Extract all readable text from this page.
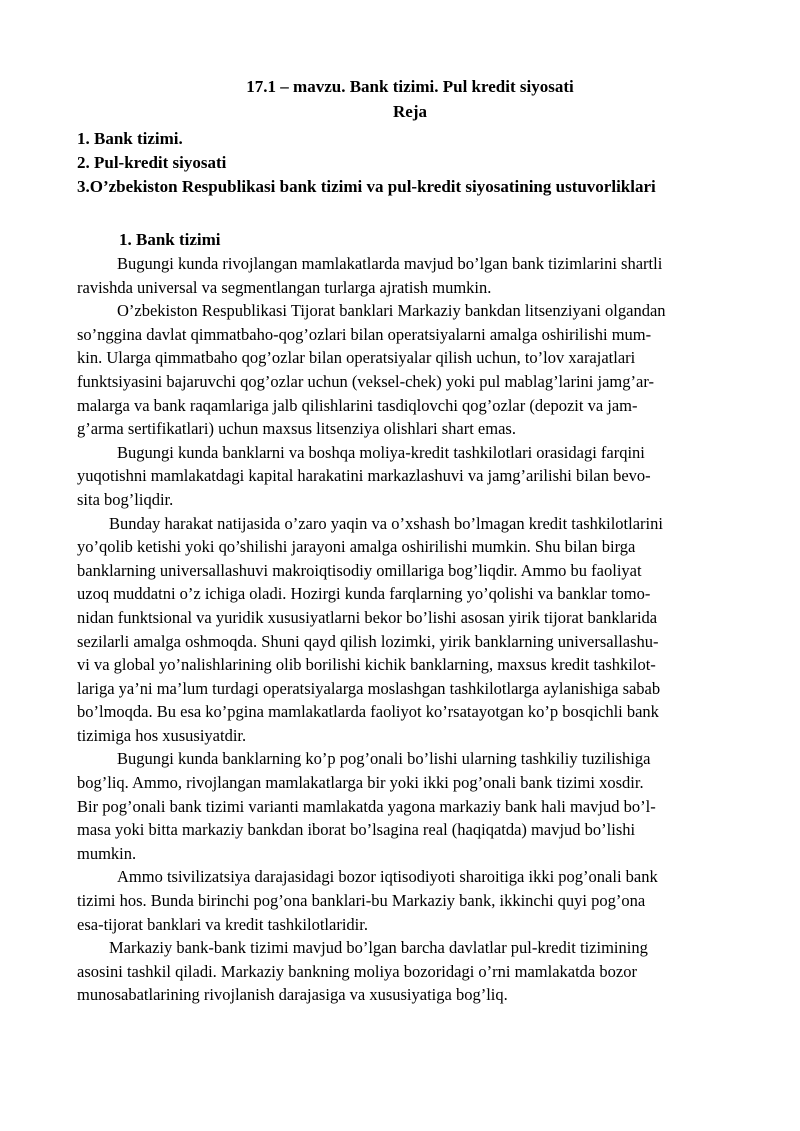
17.1 – mavzu. Bank tizimi. Pul kredit siyosati

Reja

1. Bank tizimi.

2. Pul-kredit siyosati

3.O’zbekiston Respublikasi bank tizimi va pul-kredit siyosatining ustuvorliklari

1. Bank tizimi

Bugungi kunda rivojlangan mamlakatlarda mavjud bo’lgan bank tizimlarini shartli
ravishda universal va segmentlangan turlarga ajratish mumkin.
O’zbekiston Respublikasi Tijorat banklari Markaziy bankdan litsenziyani olgandan
so’nggina davlat qimmatbaho-qog’ozlari bilan operatsiyalarni amalga oshirilishi mum-
kin. Ularga qimmatbaho qog’ozlar bilan operatsiyalar qilish uchun, to’lov xarajatlari
funktsiyasini bajaruvchi qog’ozlar uchun (veksel-chek) yoki pul mablag’larini jamg’ar-
malarga va bank raqamlariga jalb qilishlarini tasdiqlovchi qog’ozlar (depozit va jam-
g’arma sertifikatlari) uchun maxsus litsenziya olishlari shart emas.
Bugungi kunda banklarni va boshqa moliya-kredit tashkilotlari orasidagi farqini
yuqotishni mamlakatdagi kapital harakatini markazlashuvi va jamg’arilishi bilan bevo-
sita bog’liqdir.
Bunday harakat natijasida o’zaro yaqin va o’xshash bo’lmagan kredit tashkilotlarini
yo’qolib ketishi yoki qo’shilishi jarayoni amalga oshirilishi mumkin. Shu bilan birga
banklarning universallashuvi makroiqtisodiy omillariga bog’liqdir. Ammo bu faoliyat
uzoq muddatni o’z ichiga oladi. Hozirgi kunda farqlarning yo’qolishi va banklar tomo-
nidan funktsional va yuridik xususiyatlarni bekor bo’lishi asosan yirik tijorat banklarida
sezilarli amalga oshmoqda. Shuni qayd qilish lozimki, yirik banklarning universallashu-
vi va global yo’nalishlarining olib borilishi kichik banklarning, maxsus kredit tashkilot-
lariga ya’ni ma’lum turdagi operatsiyalarga moslashgan tashkilotlarga aylanishiga sabab
bo’lmoqda. Bu esa ko’pgina mamlakatlarda faoliyot ko’rsatayotgan ko’p bosqichli bank
tizimiga hos xususiyatdir.
Bugungi kunda banklarning ko’p pog’onali bo’lishi ularning tashkiliy tuzilishiga
bog’liq. Ammo, rivojlangan mamlakatlarga bir yoki ikki pog’onali bank tizimi xosdir.
Bir pog’onali bank tizimi varianti mamlakatda yagona markaziy bank hali mavjud bo’l-
masa yoki bitta markaziy bankdan iborat bo’lsagina real (haqiqatda) mavjud bo’lishi
mumkin.
Ammo tsivilizatsiya darajasidagi bozor iqtisodiyoti sharoitiga ikki pog’onali bank
tizimi hos. Bunda birinchi pog’ona banklari-bu Markaziy bank, ikkinchi quyi pog’ona
esa-tijorat banklari va kredit tashkilotlaridir.
Markaziy bank-bank tizimi mavjud bo’lgan barcha davlatlar pul-kredit tizimining
asosini tashkil qiladi. Markaziy bankning moliya bozoridagi o’rni mamlakatda bozor
munosabatlarining rivojlanish darajasiga va xususiyatiga bog’liq.
